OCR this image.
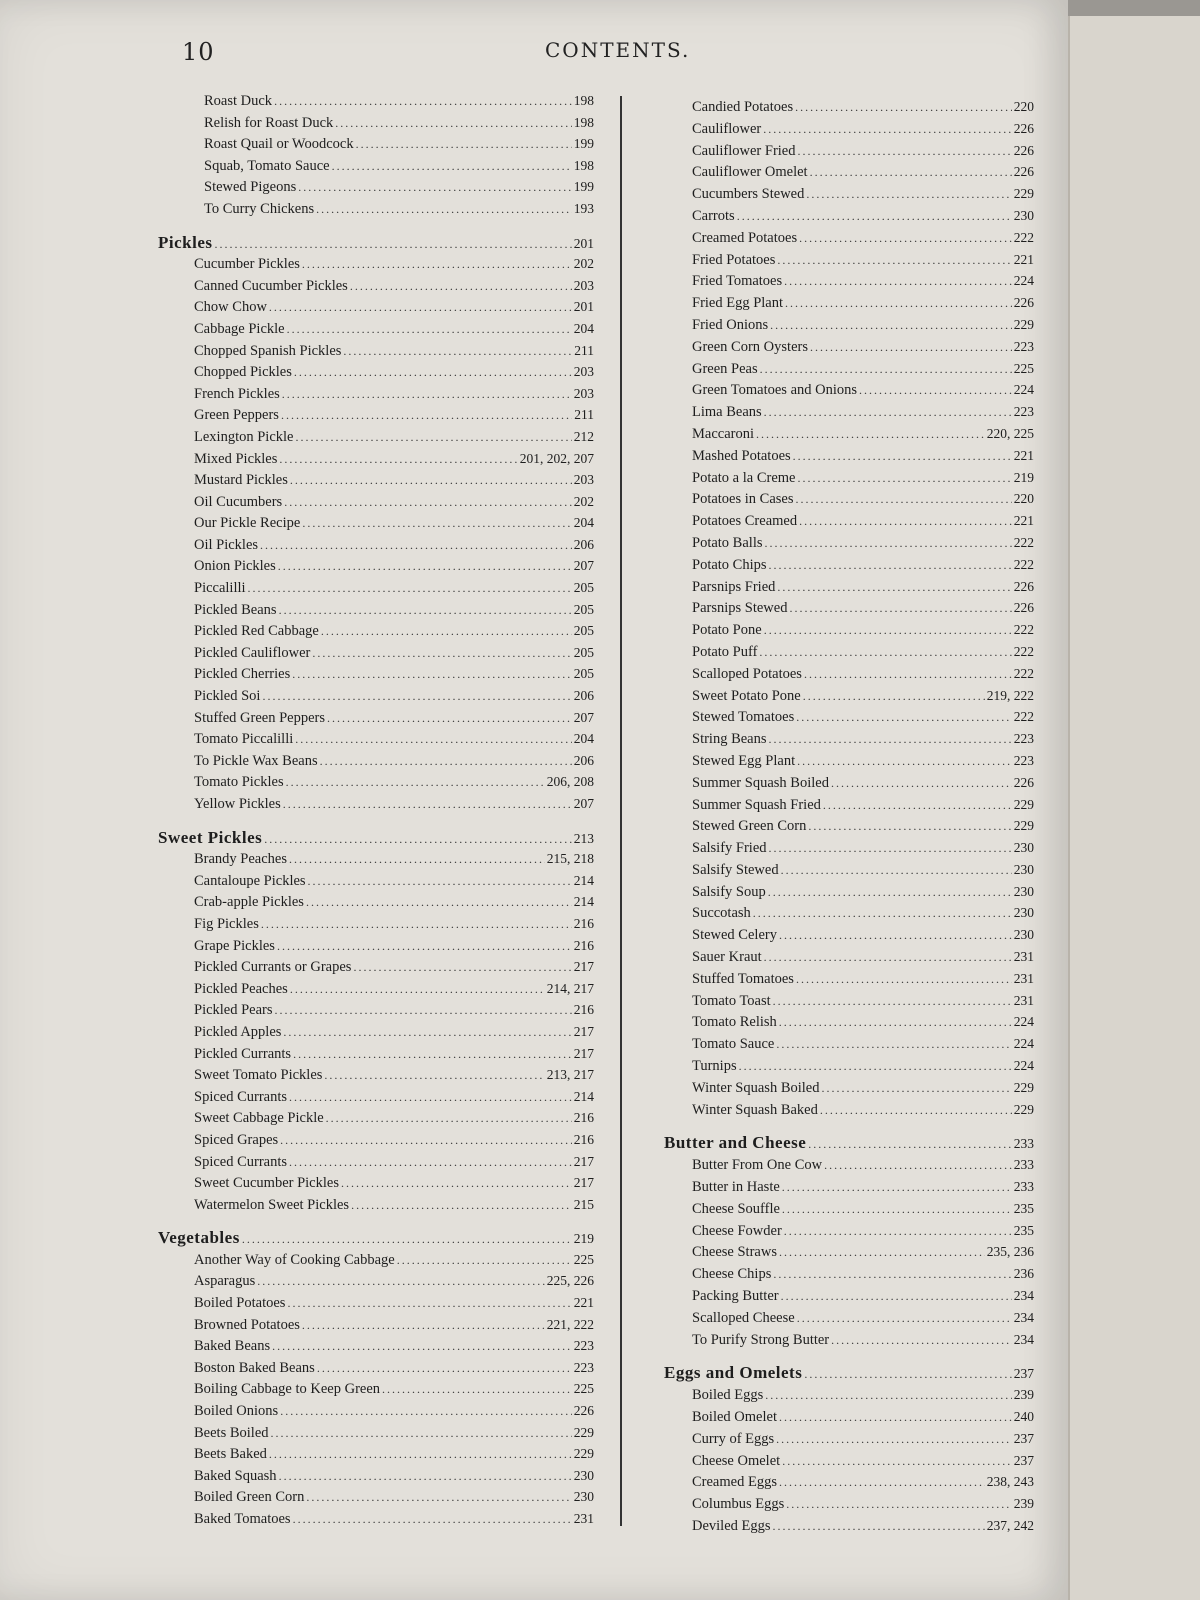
10	CONTENTS.
Roast Duck .....	198
Relish for Roast Duck .....	198
Roast Quail or Woodcock .....	199
Squab, Tomato Sauce .....	198
Stewed Pigeons .....	199
To Curry Chickens .....	193
Pickles .....	201
Cucumber Pickles .....	202
Canned Cucumber Pickles .....	203
Chow Chow .....	201
Cabbage Pickle .....	204
Chopped Spanish Pickles .....	211
Chopped Pickles .....	203
French Pickles .....	203
Green Peppers .....	211
Lexington Pickle .....	212
Mixed Pickles .....	201, 202, 207
Mustard Pickles .....	203
Oil Cucumbers .....	202
Our Pickle Recipe .....	204
Oil Pickles .....	206
Onion Pickles .....	207
Piccalilli .....	205
Pickled Beans .....	205
Pickled Red Cabbage .....	205
Pickled Cauliflower .....	205
Pickled Cherries .....	205
Pickled Soi .....	206
Stuffed Green Peppers .....	207
Tomato Piccalilli .....	204
To Pickle Wax Beans .....	206
Tomato Pickles .....	206, 208
Yellow Pickles .....	207
Sweet Pickles .....	213
Brandy Peaches .....	215, 218
Cantaloupe Pickles .....	214
Crab-apple Pickles .....	214
Fig Pickles .....	216
Grape Pickles .....	216
Pickled Currants or Grapes .....	217
Pickled Peaches .....	214, 217
Pickled Pears .....	216
Pickled Apples .....	217
Pickled Currants .....	217
Sweet Tomato Pickles .....	213, 217
Spiced Currants .....	214
Sweet Cabbage Pickle .....	216
Spiced Grapes .....	216
Spiced Currants .....	217
Sweet Cucumber Pickles .....	217
Watermelon Sweet Pickles .....	215
Vegetables .....	219
Another Way of Cooking Cabbage .....	225
Asparagus .....	225, 226
Boiled Potatoes .....	221
Browned Potatoes .....	221, 222
Baked Beans .....	223
Boston Baked Beans .....	223
Boiling Cabbage to Keep Green .....	225
Boiled Onions .....	226
Beets Boiled .....	229
Beets Baked .....	229
Baked Squash .....	230
Boiled Green Corn .....	230
Baked Tomatoes .....	231
Candied Potatoes .....	220
Cauliflower .....	226
Cauliflower Fried .....	226
Cauliflower Omelet .....	226
Cucumbers Stewed .....	229
Carrots .....	230
Creamed Potatoes .....	222
Fried Potatoes .....	221
Fried Tomatoes .....	224
Fried Egg Plant .....	226
Fried Onions .....	229
Green Corn Oysters .....	223
Green Peas .....	225
Green Tomatoes and Onions .....	224
Lima Beans .....	223
Maccaroni .....	220, 225
Mashed Potatoes .....	221
Potato a la Creme .....	219
Potatoes in Cases .....	220
Potatoes Creamed .....	221
Potato Balls .....	222
Potato Chips .....	222
Parsnips Fried .....	226
Parsnips Stewed .....	226
Potato Pone .....	222
Potato Puff .....	222
Scalloped Potatoes .....	222
Sweet Potato Pone .....	219, 222
Stewed Tomatoes .....	222
String Beans .....	223
Stewed Egg Plant .....	223
Summer Squash Boiled .....	226
Summer Squash Fried .....	229
Stewed Green Corn .....	229
Salsify Fried .....	230
Salsify Stewed .....	230
Salsify Soup .....	230
Succotash .....	230
Stewed Celery .....	230
Sauer Kraut .....	231
Stuffed Tomatoes .....	231
Tomato Toast .....	231
Tomato Relish .....	224
Tomato Sauce .....	224
Turnips .....	224
Winter Squash Boiled .....	229
Winter Squash Baked .....	229
Butter and Cheese .....	233
Butter From One Cow .....	233
Butter in Haste .....	233
Cheese Souffle .....	235
Cheese Fowder .....	235
Cheese Straws .....	235, 236
Cheese Chips .....	236
Packing Butter .....	234
Scalloped Cheese .....	234
To Purify Strong Butter .....	234
Eggs and Omelets .....	237
Boiled Eggs .....	239
Boiled Omelet .....	240
Curry of Eggs .....	237
Cheese Omelet .....	237
Creamed Eggs .....	238, 243
Columbus Eggs .....	239
Deviled Eggs .....	237, 242
